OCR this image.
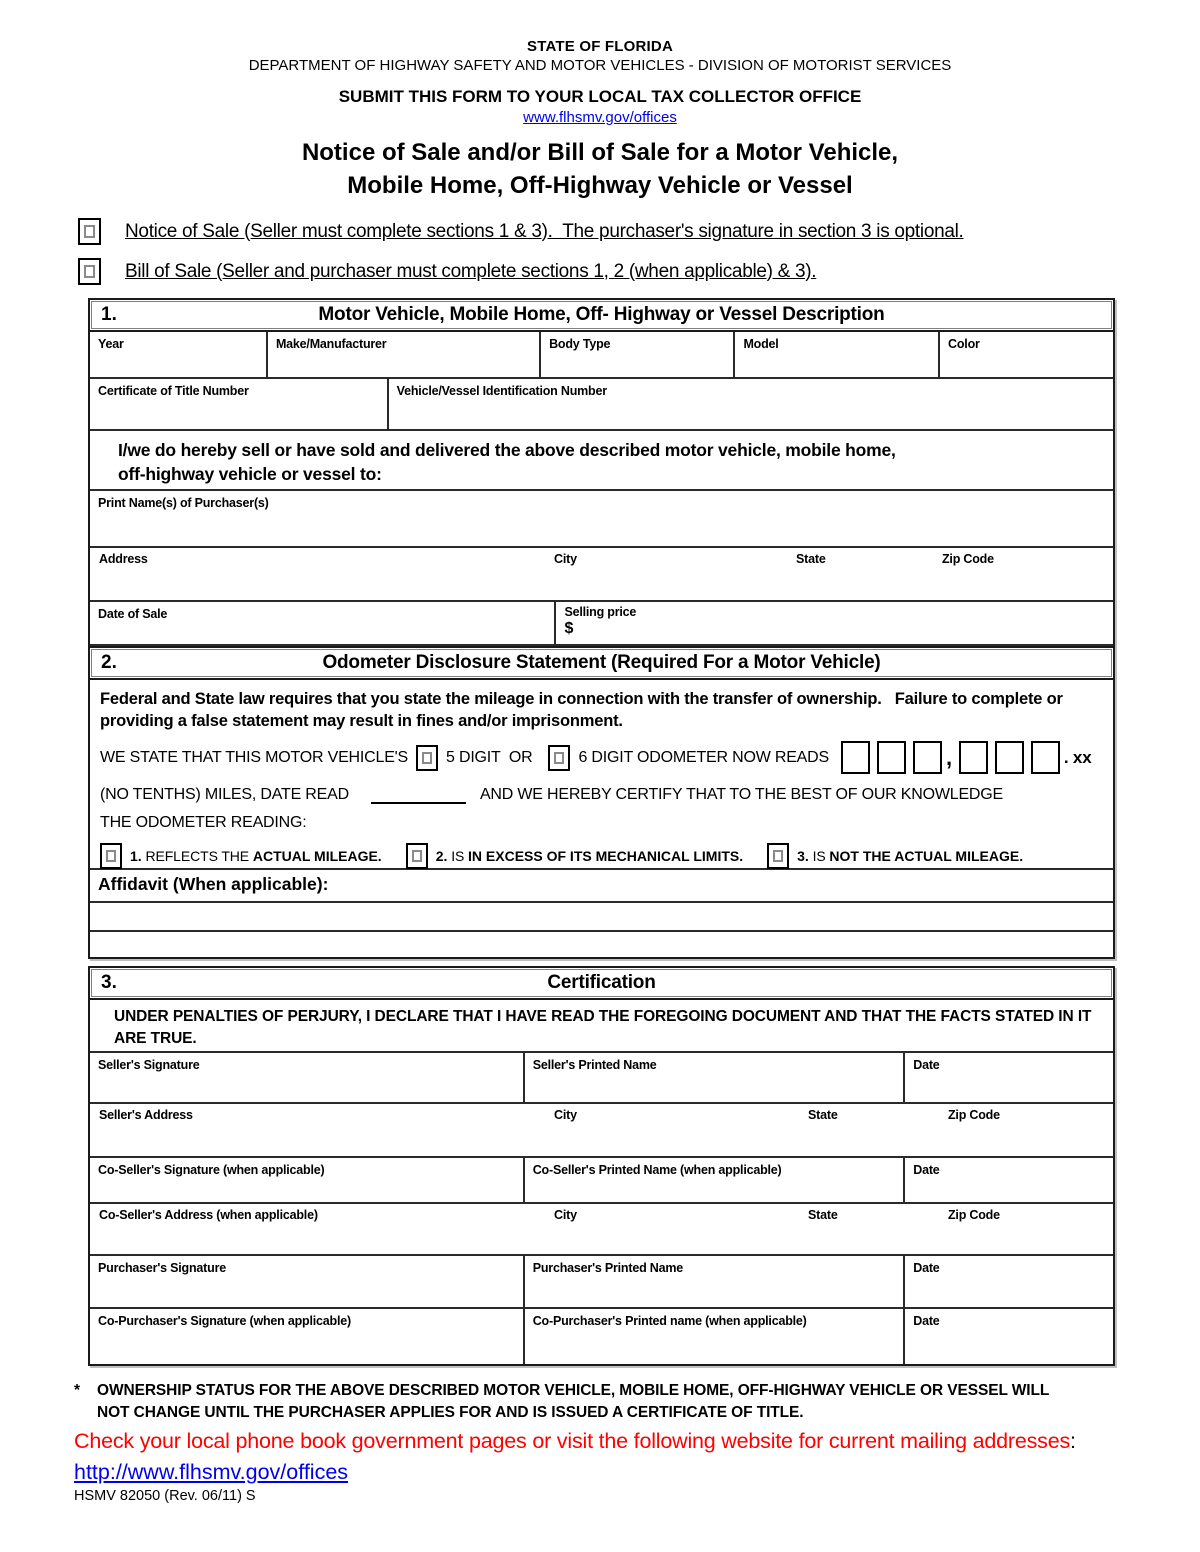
STATE OF FLORIDA
DEPARTMENT OF HIGHWAY SAFETY AND MOTOR VEHICLES - DIVISION OF MOTORIST SERVICES
SUBMIT THIS FORM TO YOUR LOCAL TAX COLLECTOR OFFICE
www.flhsmv.gov/offices
Notice of Sale and/or Bill of Sale for a Motor Vehicle,
Mobile Home, Off-Highway Vehicle or Vessel
Notice of Sale (Seller must complete sections 1 & 3).  The purchaser's signature in section 3 is optional.
Bill of Sale (Seller and purchaser must complete sections 1, 2 (when applicable) & 3).
1.	Motor Vehicle, Mobile Home, Off- Highway or Vessel Description
Year	Make/Manufacturer	Body Type	Model	Color
Certificate of Title Number	Vehicle/Vessel Identification Number
I/we do hereby sell or have sold and delivered the above described motor vehicle, mobile home,
off-highway vehicle or vessel to:
Print Name(s) of Purchaser(s)
Address	City	State	Zip Code
Date of Sale	Selling price
$
2.	Odometer Disclosure Statement (Required For a Motor Vehicle)
Federal and State law requires that you state the mileage in connection with the transfer of ownership.   Failure to complete or providing a false statement may result in fines and/or imprisonment.
WE STATE THAT THIS MOTOR VEHICLE'S 5 DIGIT  OR	6 DIGIT ODOMETER NOW READS	,	. xx
(NO TENTHS) MILES, DATE READ	AND WE HEREBY CERTIFY THAT TO THE BEST OF OUR KNOWLEDGE
THE ODOMETER READING:
1.
REFLECTS THE ACTUAL MILEAGE.	2.
IS IN EXCESS OF ITS MECHANICAL LIMITS.	3.
IS NOT THE ACTUAL MILEAGE.
Affidavit (When applicable):
3.	Certification
UNDER PENALTIES OF PERJURY, I DECLARE THAT I HAVE READ THE FOREGOING DOCUMENT AND THAT THE FACTS STATED IN IT ARE TRUE.
Seller's Signature	Seller's Printed Name	Date
Seller's Address	City	State	Zip Code
Co-Seller's Signature (when applicable)	Co-Seller's Printed Name (when applicable)	Date
Co-Seller's Address (when applicable)	City	State	Zip Code
Purchaser's Signature	Purchaser's Printed Name	Date
Co-Purchaser's Signature (when applicable)	Co-Purchaser's Printed name (when applicable)	Date
*	OWNERSHIP STATUS FOR THE ABOVE DESCRIBED MOTOR VEHICLE, MOBILE HOME, OFF-HIGHWAY VEHICLE OR VESSEL WILL NOT CHANGE UNTIL THE PURCHASER APPLIES FOR AND IS ISSUED A CERTIFICATE OF TITLE.
Check your local phone book government pages or visit the following website for current mailing addresses:
http://www.flhsmv.gov/offices
HSMV 82050 (Rev. 06/11) S
